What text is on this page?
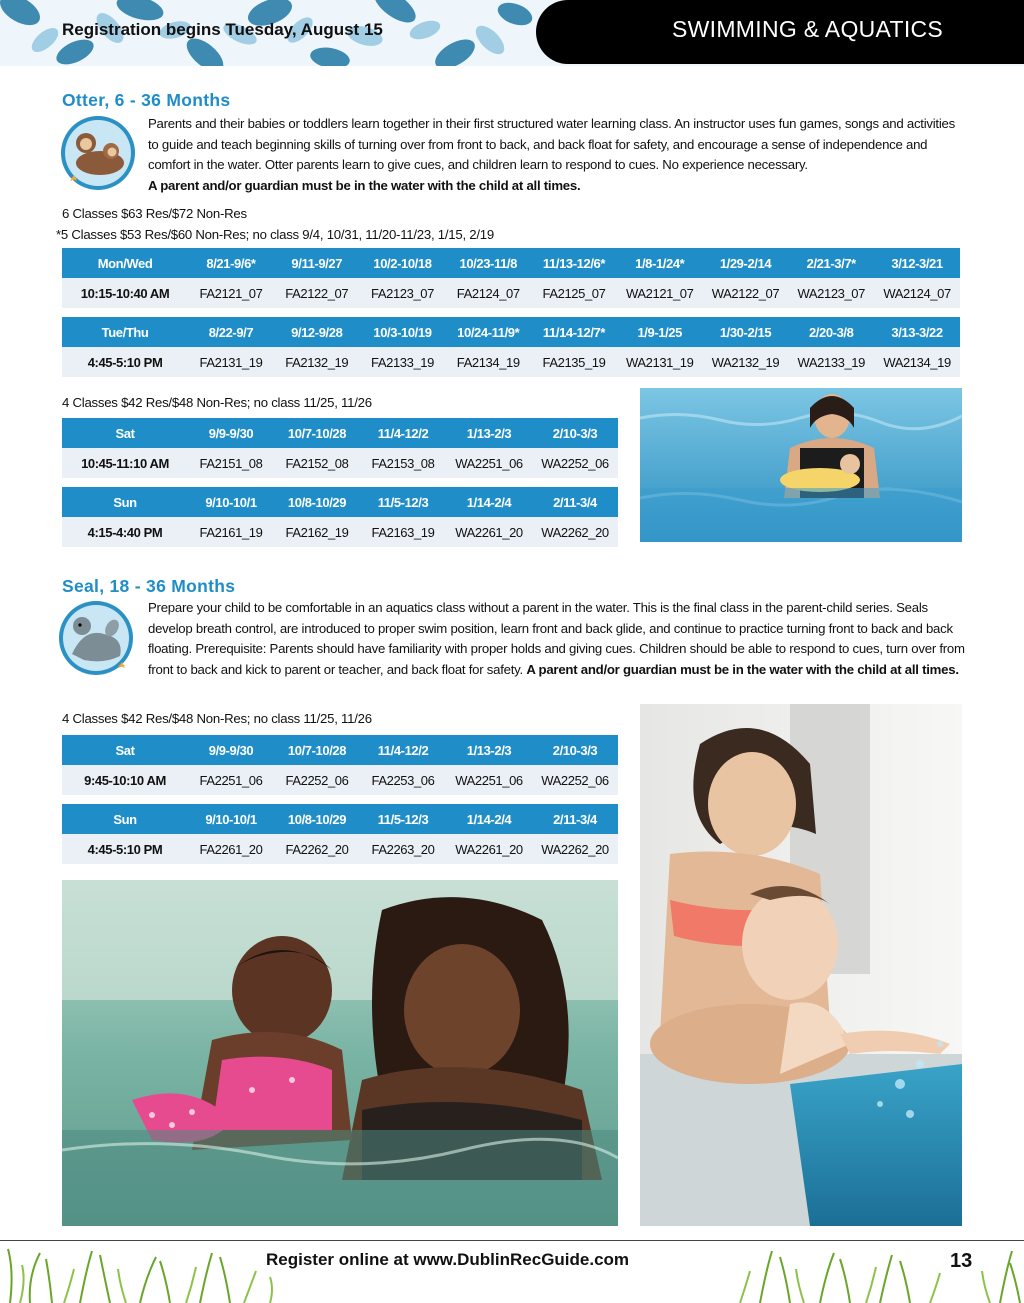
Registration begins Tuesday, August 15	SWIMMING & AQUATICS
Otter, 6 - 36 Months
Parents and their babies or toddlers learn together in their first structured water learning class. An instructor uses fun games, songs and activities to guide and teach beginning skills of turning over from front to back, and back float for safety, and encourage a sense of independence and comfort in the water. Otter parents learn to give cues, and children learn to respond to cues. No experience necessary.
A parent and/or guardian must be in the water with the child at all times.
6 Classes $63 Res/$72 Non-Res
*5 Classes $53 Res/$60 Non-Res; no class 9/4, 10/31, 11/20-11/23, 1/15, 2/19
Mon/Wed	8/21-9/6*	9/11-9/27	10/2-10/18	10/23-11/8	11/13-12/6*	1/8-1/24*	1/29-2/14	2/21-3/7*	3/12-3/21
10:15-10:40 AM	FA2121_07	FA2122_07	FA2123_07	FA2124_07	FA2125_07	WA2121_07	WA2122_07	WA2123_07	WA2124_07

Tue/Thu	8/22-9/7	9/12-9/28	10/3-10/19	10/24-11/9*	11/14-12/7*	1/9-1/25	1/30-2/15	2/20-3/8	3/13-3/22
4:45-5:10 PM	FA2131_19	FA2132_19	FA2133_19	FA2134_19	FA2135_19	WA2131_19	WA2132_19	WA2133_19	WA2134_19
4 Classes $42 Res/$48 Non-Res; no class 11/25, 11/26
Sat	9/9-9/30	10/7-10/28	11/4-12/2	1/13-2/3	2/10-3/3
10:45-11:10 AM	FA2151_08	FA2152_08	FA2153_08	WA2251_06	WA2252_06

Sun	9/10-10/1	10/8-10/29	11/5-12/3	1/14-2/4	2/11-3/4
4:15-4:40 PM	FA2161_19	FA2162_19	FA2163_19	WA2261_20	WA2262_20
Seal, 18 - 36 Months
Prepare your child to be comfortable in an aquatics class without a parent in the water. This is the final class in the parent-child series. Seals develop breath control, are introduced to proper swim position, learn front and back glide, and continue to practice turning front to back and back floating. Prerequisite: Parents should have familiarity with proper holds and giving cues. Children should be able to respond to cues, turn over from front to back and kick to parent or teacher, and back float for safety. A parent and/or guardian must be in the water with the child at all times.
4 Classes $42 Res/$48 Non-Res; no class 11/25, 11/26
Sat	9/9-9/30	10/7-10/28	11/4-12/2	1/13-2/3	2/10-3/3
9:45-10:10 AM	FA2251_06	FA2252_06	FA2253_06	WA2251_06	WA2252_06

Sun	9/10-10/1	10/8-10/29	11/5-12/3	1/14-2/4	2/11-3/4
4:45-5:10 PM	FA2261_20	FA2262_20	FA2263_20	WA2261_20	WA2262_20
Register online at www.DublinRecGuide.com	13
